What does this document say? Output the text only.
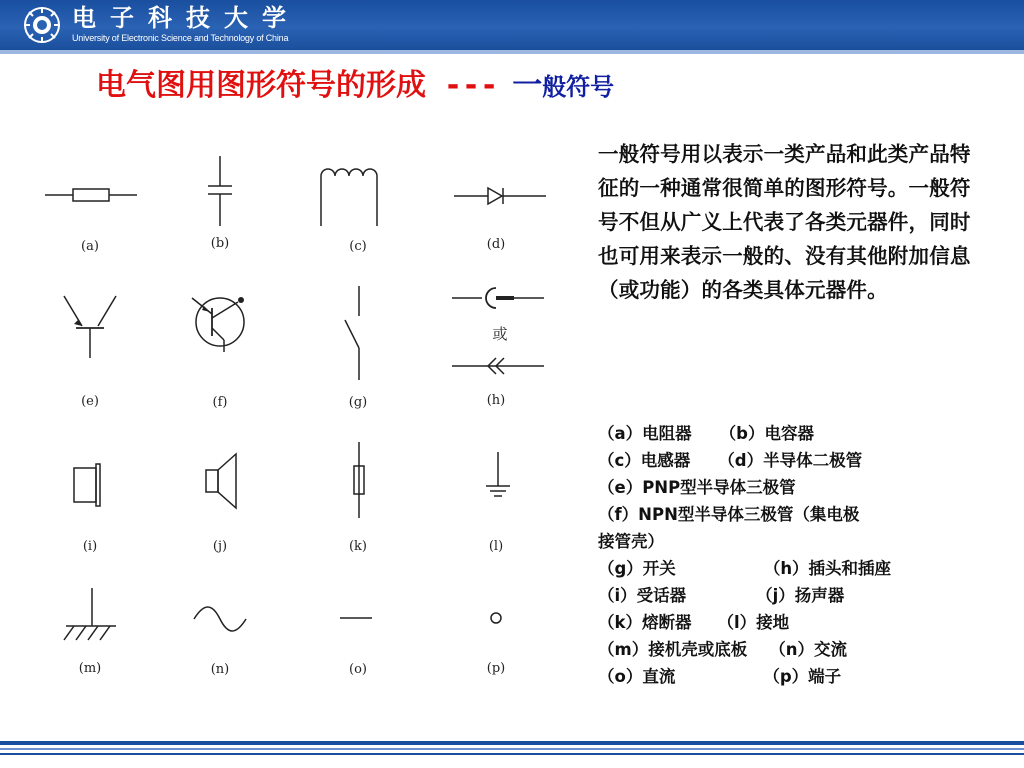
电子科技大学
University of Electronic Science and Technology of China
电气图用图形符号的形成 --- 一般符号
(a)	(b)	(c)	(d)
(e)	(f)	(g)
或
(h)
(i)	(j)	(k)	(l)
(m)	(n)	(o)	(p)
一般符号用以表示一类产品和此类产品特征的一种通常很简单的图形符号。一般符号不但从广义上代表了各类元器件，同时也可用来表示一般的、没有其他附加信息（或功能）的各类具体元器件。
（a）电阻器 （b）电容器
（c）电感器 （d）半导体二极管
（e）PNP型半导体三极管
（f）NPN型半导体三极管（集电极
接管壳）
（g）开关	（h）插头和插座
（i）受话器	（j）扬声器
（k）熔断器 （l）接地
（m）接机壳或底板 （n）交流
（o）直流	（p）端子
